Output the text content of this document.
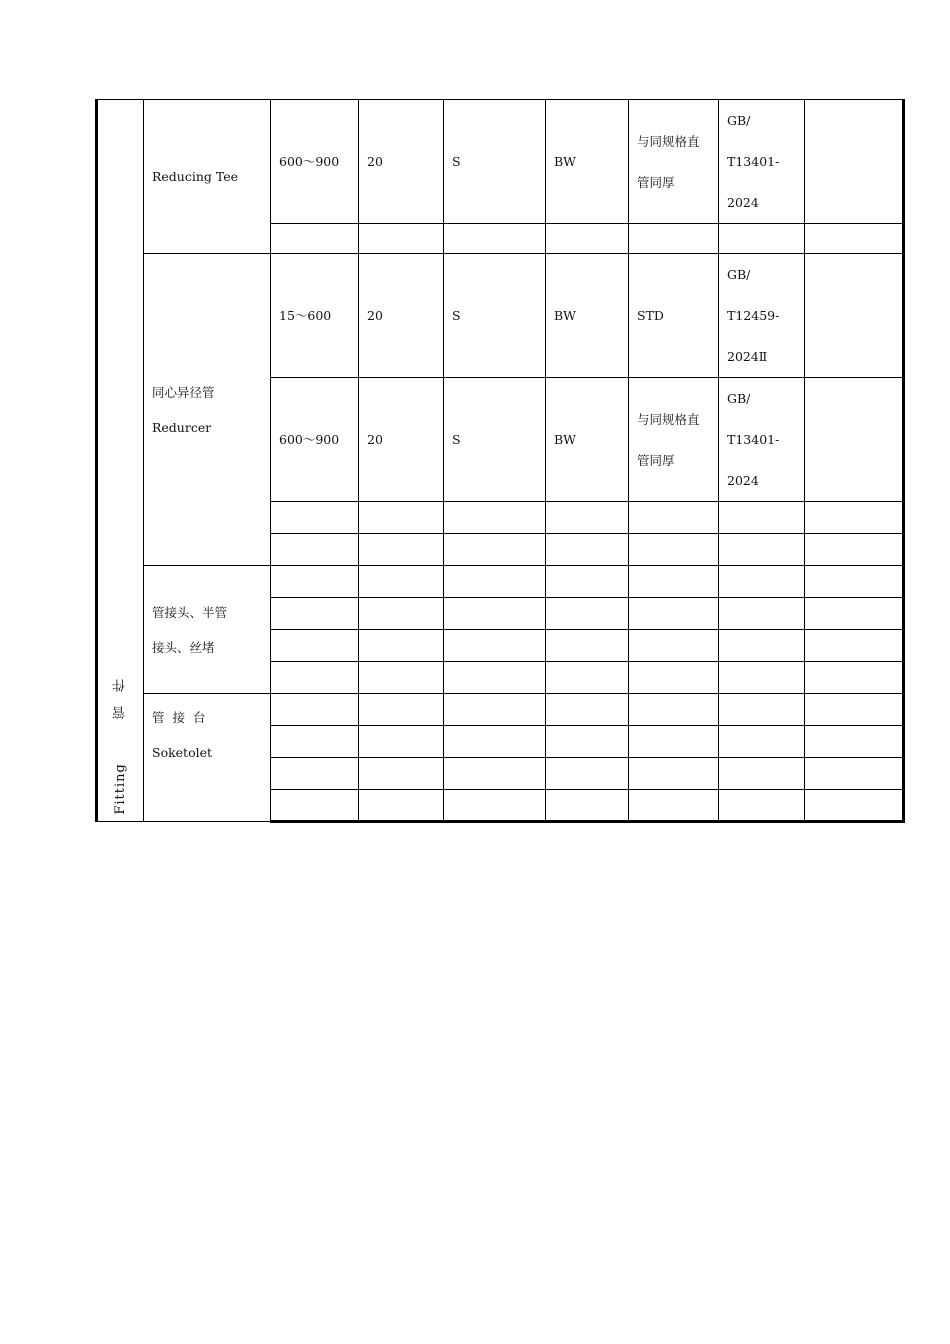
Fitting 管件	Reducing Tee	600～900	20	S	BW	与同规格直
管同厚	GB/
T13401-
2024	

	同心异径管
Redurcer	15～600	20	S	BW	STD	GB/
T12459-
2024Ⅱ	

		600～900	20	S	BW	与同规格直
管同厚	GB/
T13401-
2024	

	管接头、半管
接头、丝堵							

	管接台
Soketolet							
